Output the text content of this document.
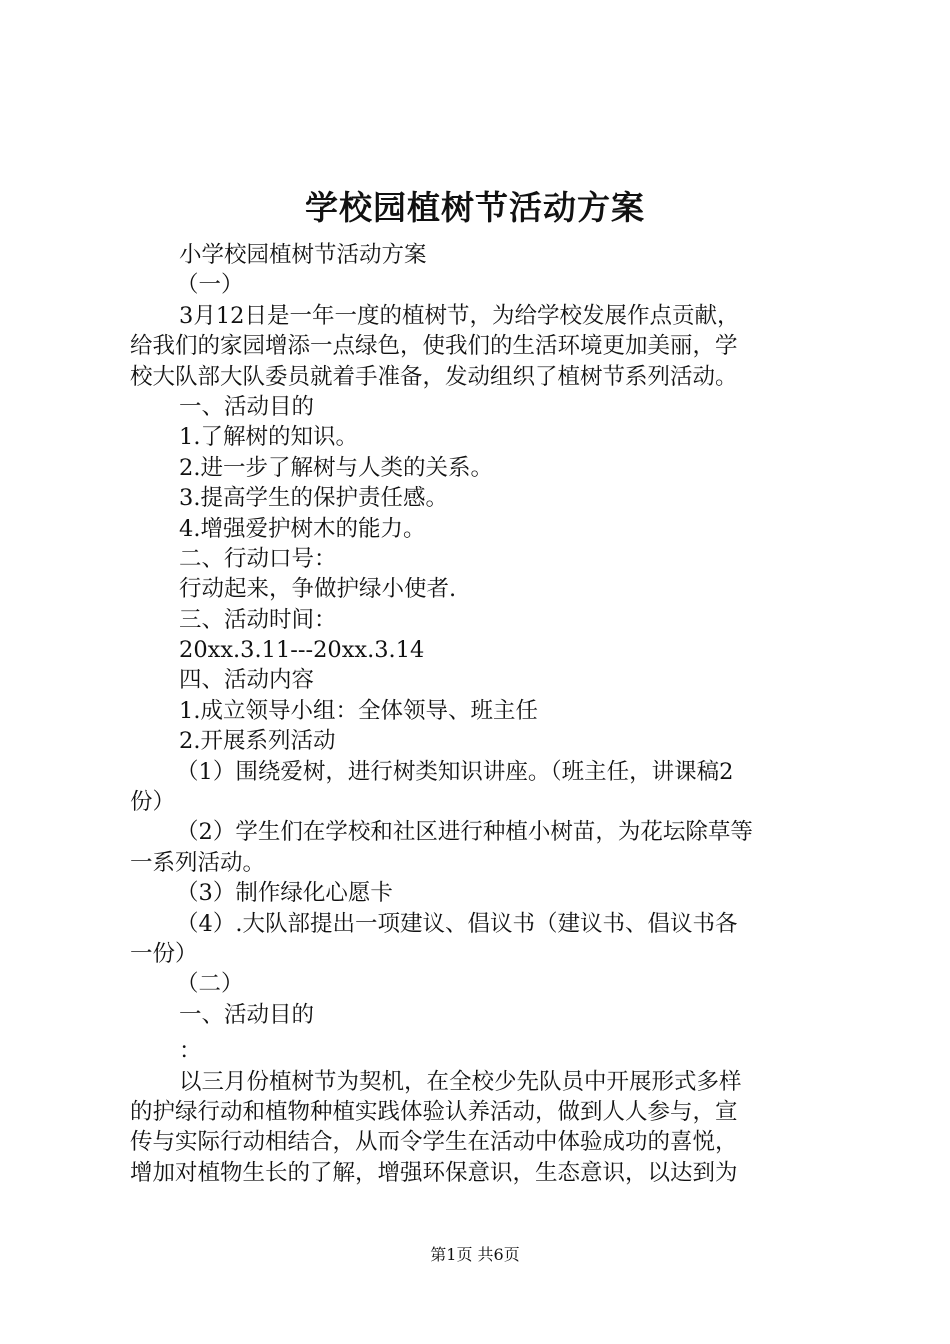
学校园植树节活动方案
小学校园植树节活动方案
（一）
3月12日是一年一度的植树节，为给学校发展作点贡献，
给我们的家园增添一点绿色，使我们的生活环境更加美丽，学
校大队部大队委员就着手准备，发动组织了植树节系列活动。
一、活动目的
1.了解树的知识。
2.进一步了解树与人类的关系。
3.提高学生的保护责任感。
4.增强爱护树木的能力。
二、行动口号：
行动起来，争做护绿小使者.
三、活动时间：
20xx.3.11---20xx.3.14
四、活动内容
1.成立领导小组：全体领导、班主任
2.开展系列活动
（1）围绕爱树，进行树类知识讲座。（班主任，讲课稿2
份）
（2）学生们在学校和社区进行种植小树苗，为花坛除草等
一系列活动。
（3）制作绿化心愿卡
（4）.大队部提出一项建议、倡议书（建议书、倡议书各
一份）
（二）
一、活动目的
：
以三月份植树节为契机，在全校少先队员中开展形式多样
的护绿行动和植物种植实践体验认养活动，做到人人参与，宣
传与实际行动相结合，从而令学生在活动中体验成功的喜悦，
增加对植物生长的了解，增强环保意识，生态意识，以达到为
第1页 共6页
